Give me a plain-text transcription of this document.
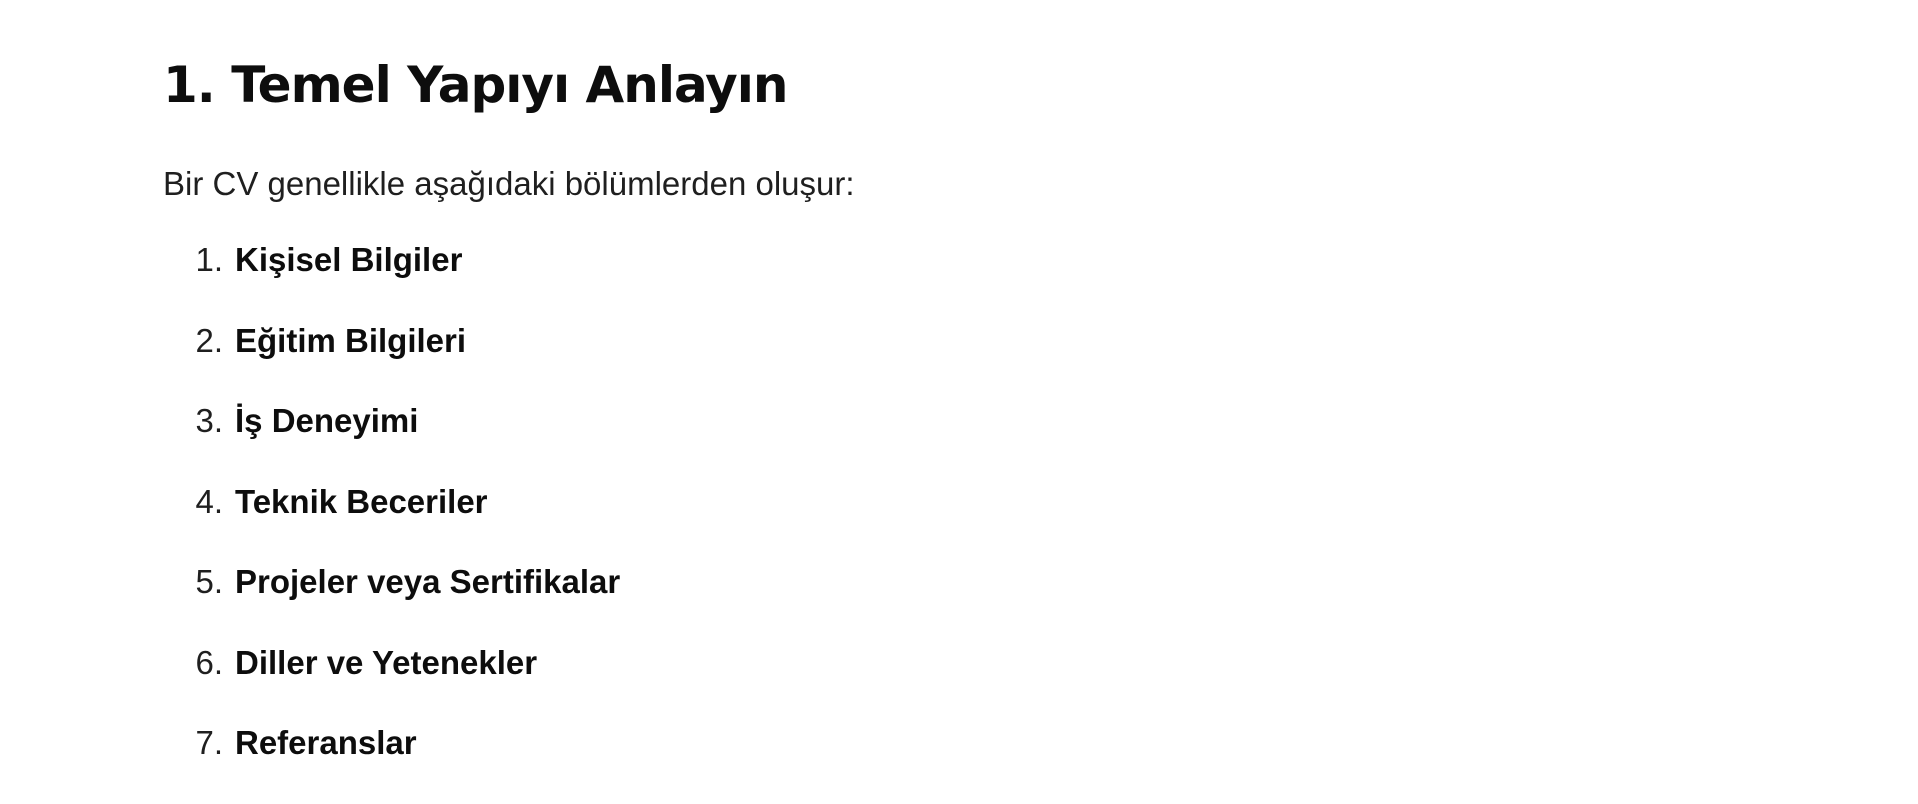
1. Temel Yapıyı Anlayın

Bir CV genellikle aşağıdaki bölümlerden oluşur:

1. Kişisel Bilgiler
2. Eğitim Bilgileri
3. İş Deneyimi
4. Teknik Beceriler
5. Projeler veya Sertifikalar
6. Diller ve Yetenekler
7. Referanslar
